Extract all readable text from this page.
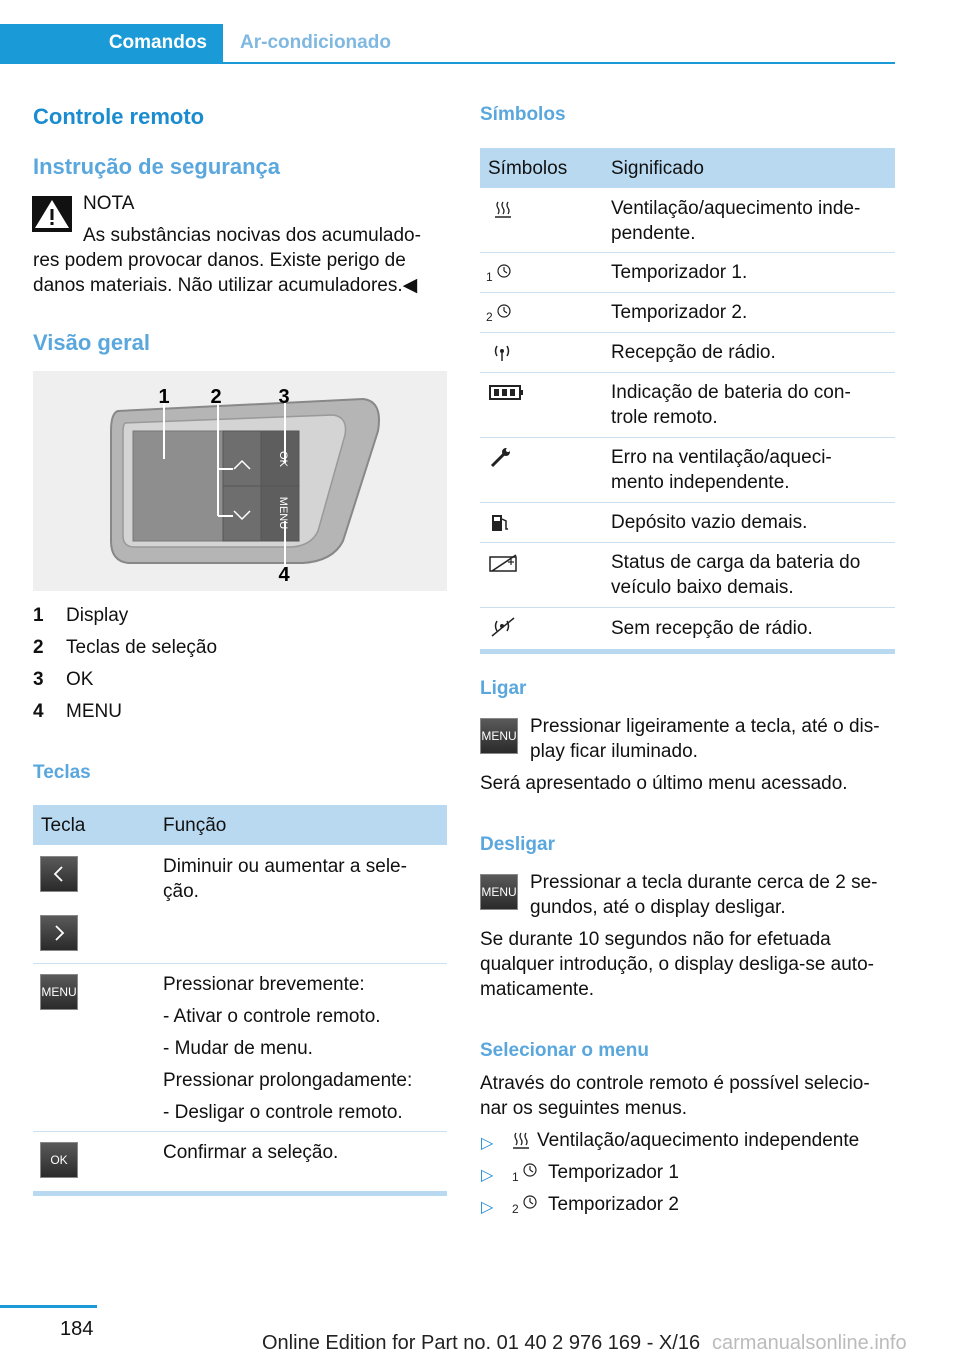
Comandos Ar-condicionado
Controle remoto
Instrução de segurança
NOTA
As substâncias nocivas dos acumulado-
res podem provocar danos. Existe perigo de
danos materiais. Não utilizar acumuladores.◀
Visão geral
OK
MENU
1 2	3
4
1 Display
2 Teclas de seleção
3 OK
4 MENU
Teclas
Tecla	Função
Diminuir ou aumentar a sele-
ção.
MENU	Pressionar brevemente:
- Ativar o controle remoto.
- Mudar de menu.
Pressionar prolongadamente:
- Desligar o controle remoto.
OK	Confirmar a seleção.
Símbolos
Símbolos Significado
Ventilação/aquecimento inde-
pendente.
1	Temporizador 1.
2	Temporizador 2.
Recepção de rádio.
Indicação de bateria do con-
trole remoto.
Erro na ventilação/aqueci-
mento independente.
Depósito vazio demais.
Status de carga da bateria do
veículo baixo demais.
Sem recepção de rádio.
Ligar
MENU Pressionar ligeiramente a tecla, até o dis-
play ficar iluminado.
Será apresentado o último menu acessado.
Desligar
MENU Pressionar a tecla durante cerca de 2 se-
gundos, até o display desligar.
Se durante 10 segundos não for efetuada
qualquer introdução, o display desliga-se auto-
maticamente.
Selecionar o menu
Através do controle remoto é possível selecio-
nar os seguintes menus.
▷ Ventilação/aquecimento independente
▷ 1 Temporizador 1
▷ 2 Temporizador 2
184
Online Edition for Part no. 01 40 2 976 169 - X/16 carmanualsonline.info
